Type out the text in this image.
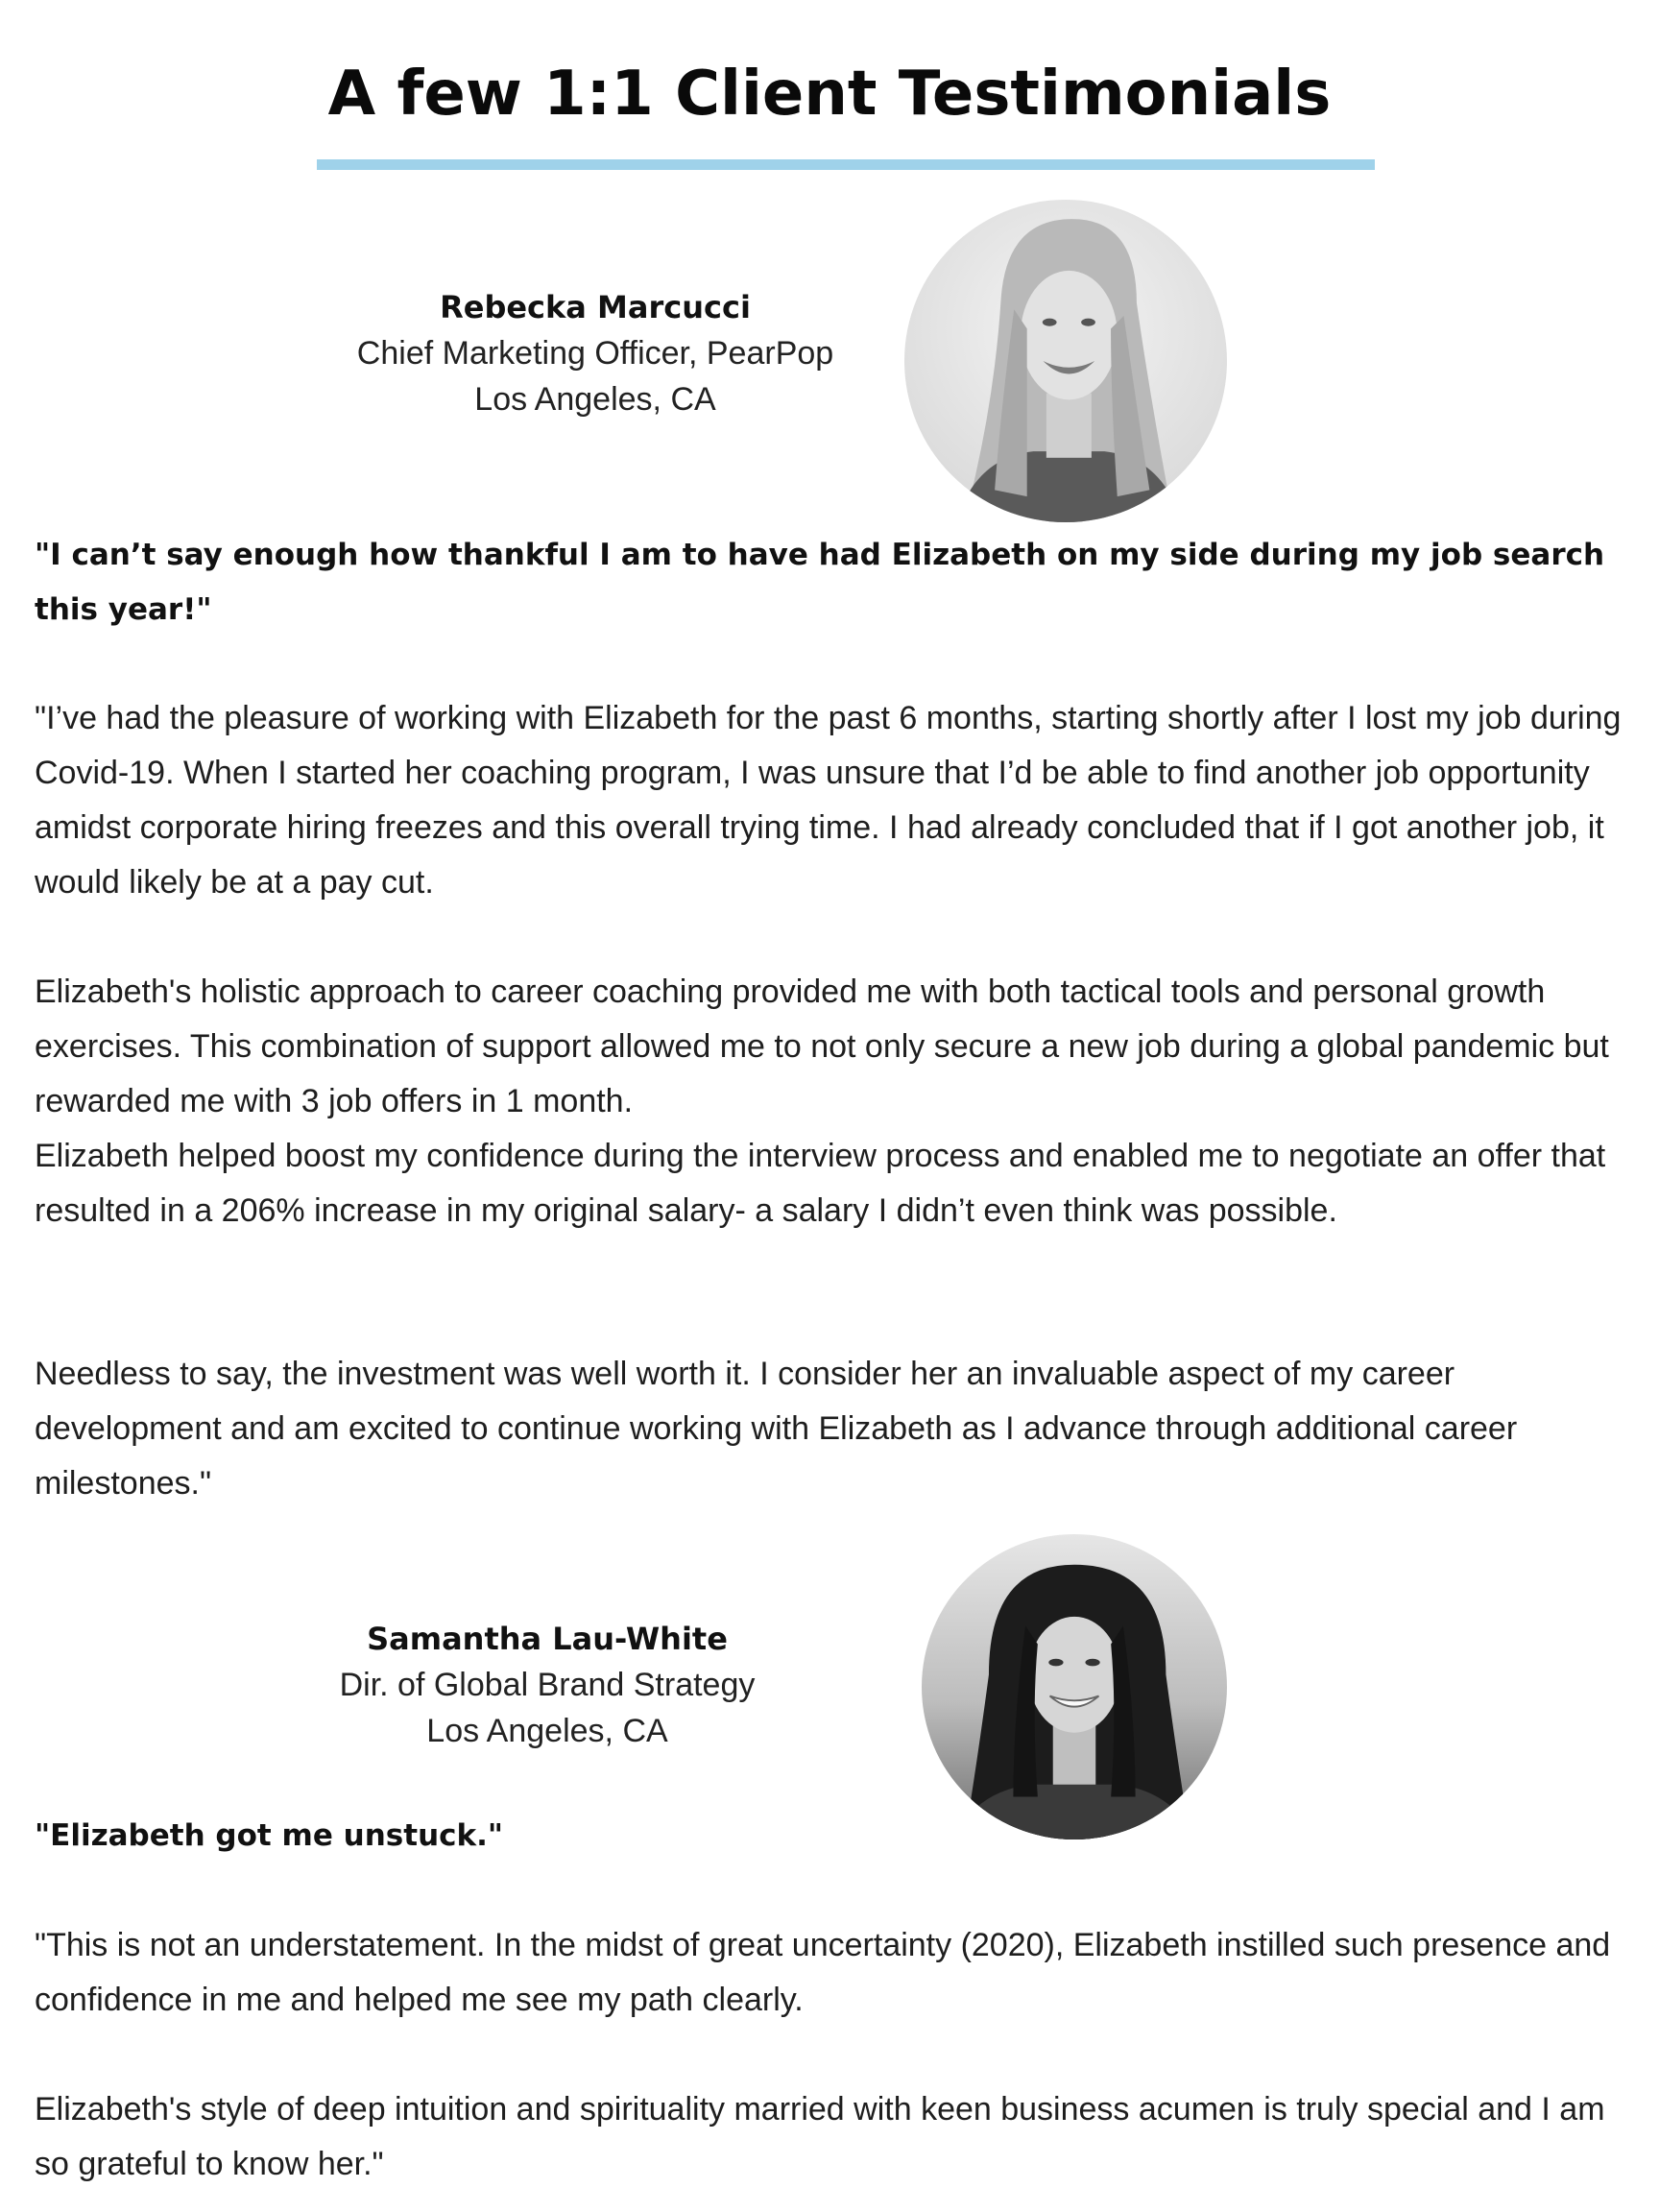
A few 1:1 Client Testimonials
Rebecka Marcucci
Chief Marketing Officer, PearPop
Los Angeles, CA

"I can’t say enough how thankful I am to have had Elizabeth on my side during my job search this year!"

"I’ve had the pleasure of working with Elizabeth for the past 6 months, starting shortly after I lost my job during Covid-19. When I started her coaching program, I was unsure that I’d be able to find another job opportunity amidst corporate hiring freezes and this overall trying time. I had already concluded that if I got another job, it would likely be at a pay cut.

Elizabeth's holistic approach to career coaching provided me with both tactical tools and personal growth exercises. This combination of support allowed me to not only secure a new job during a global pandemic but rewarded me with 3 job offers in 1 month.

Elizabeth helped boost my confidence during the interview process and enabled me to negotiate an offer that resulted in a 206% increase in my original salary- a salary I didn’t even think was possible.

Needless to say, the investment was well worth it. I consider her an invaluable aspect of my career development and am excited to continue working with Elizabeth as I advance through additional career milestones."

Samantha Lau-White
Dir. of Global Brand Strategy
Los Angeles, CA

"Elizabeth got me unstuck."

"This is not an understatement. In the midst of great uncertainty (2020), Elizabeth instilled such presence and confidence in me and helped me see my path clearly.

Elizabeth's style of deep intuition and spirituality married with keen business acumen is truly special and I am so grateful to know her."
